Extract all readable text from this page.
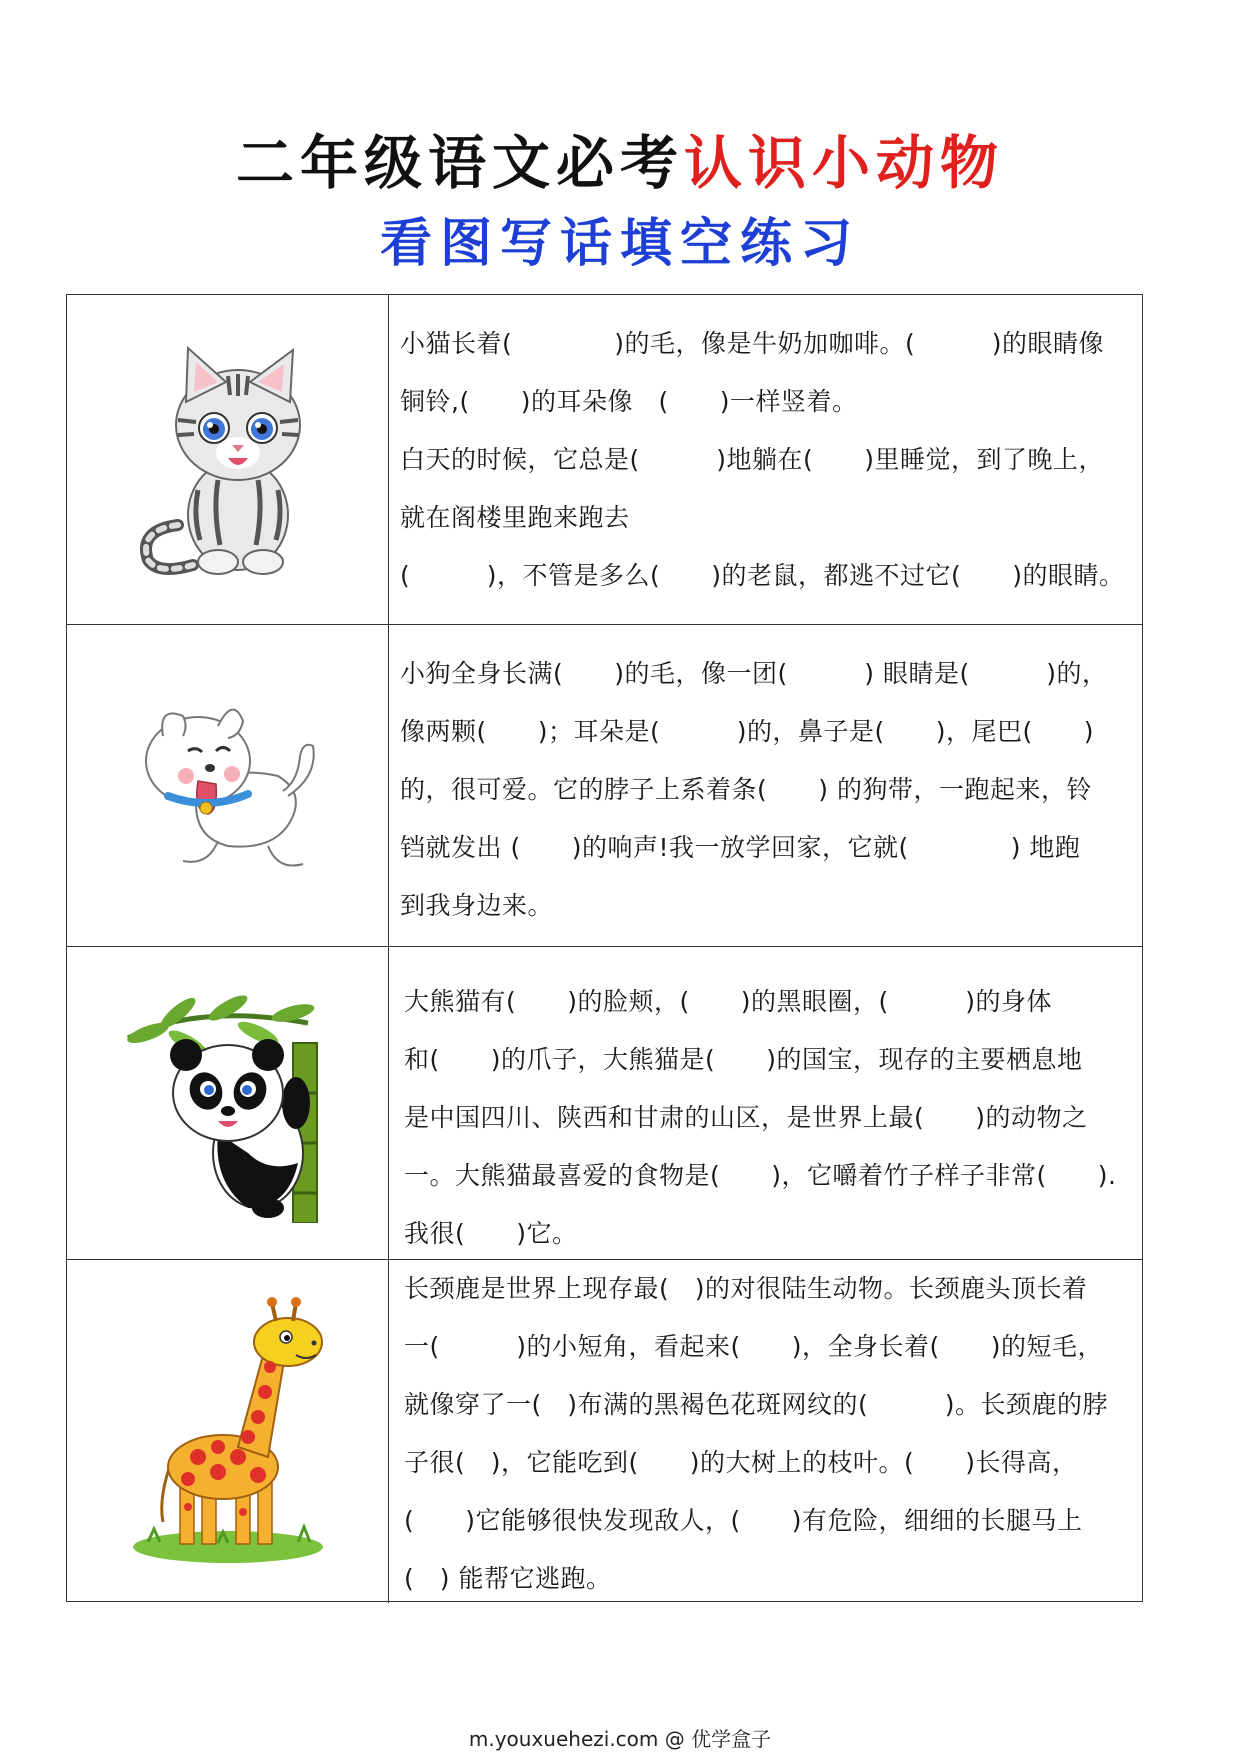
二年级语文必考认识小动物
看图写话填空练习
小猫长着(　　　　)的毛，像是牛奶加咖啡。(　　　)的眼睛像
铜铃,(　　)的耳朵像　(　　)一样竖着。
白天的时候，它总是(　　　)地躺在(　　)里睡觉，到了晚上，
就在阁楼里跑来跑去
(　　　)，不管是多么(　　)的老鼠，都逃不过它(　　)的眼睛。
小狗全身长满(　　)的毛，像一团(　　　) 眼睛是(　　　)的，
像两颗(　　)；耳朵是(　　　)的，鼻子是(　　)，尾巴(　　)
的，很可爱。它的脖子上系着条(　　) 的狗带，一跑起来，铃
铛就发出 (　　)的响声!我一放学回家，它就(　　　　) 地跑
到我身边来。
大熊猫有(　　)的脸颊，(　　)的黑眼圈，(　　　)的身体
和(　　)的爪子，大熊猫是(　　)的国宝，现存的主要栖息地
是中国四川、陕西和甘肃的山区，是世界上最(　　)的动物之
一。大熊猫最喜爱的食物是(　　)，它嚼着竹子样子非常(　　).
我很(　　)它。
长颈鹿是世界上现存最(　)的对很陆生动物。长颈鹿头顶长着
一(　　　)的小短角，看起来(　　)，全身长着(　　)的短毛，
就像穿了一(　)布满的黑褐色花斑网纹的(　　　)。长颈鹿的脖
子很(　)，它能吃到(　　)的大树上的枝叶。(　　)长得高，
(　　)它能够很快发现敌人，(　　)有危险，细细的长腿马上
(　) 能帮它逃跑。
m.youxuehezi.com @ 优学盒子
